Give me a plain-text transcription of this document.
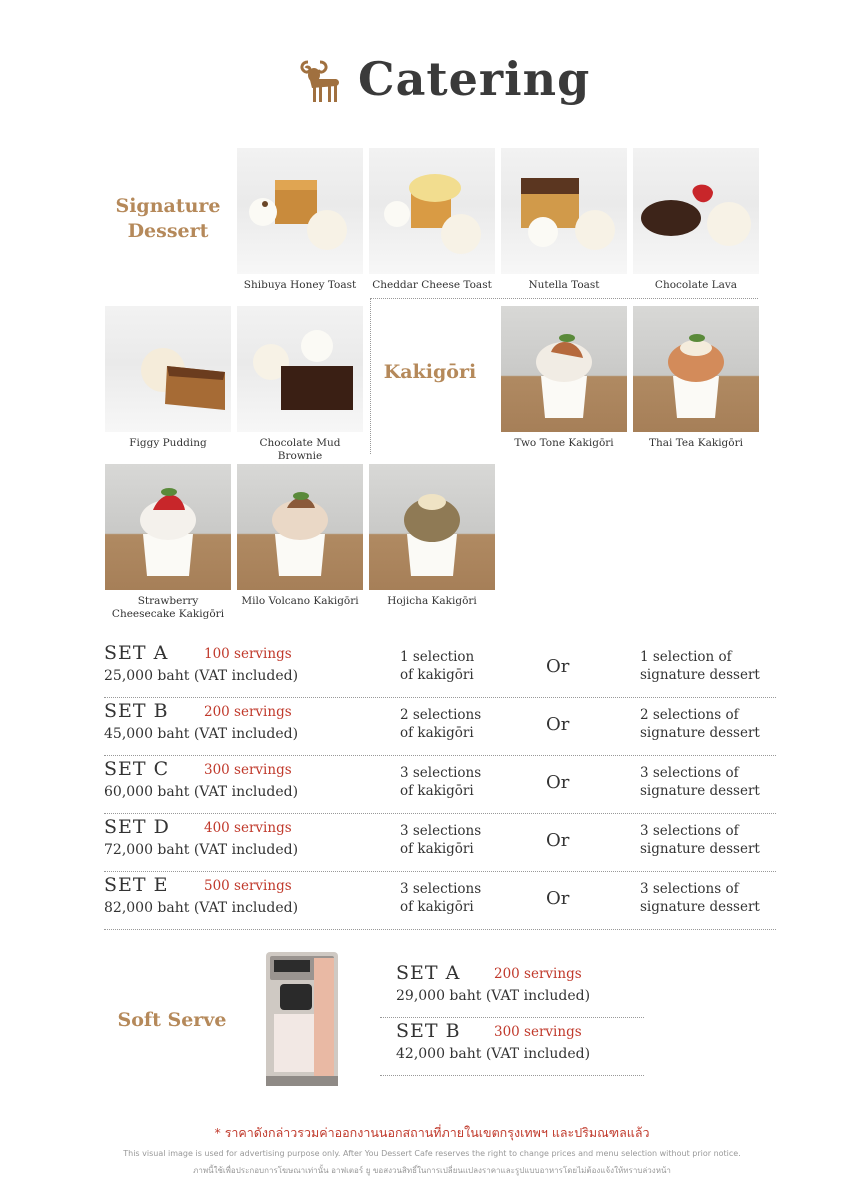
Catering
Signature
Dessert
Kakigōri
Soft Serve
Shibuya Honey Toast	Cheddar Cheese Toast	Nutella Toast	Chocolate Lava
Figgy Pudding	Chocolate Mud Brownie
Two Tone Kakigōri	Thai Tea Kakigōri
Strawberry Cheesecake Kakigōri
Milo Volcano Kakigōri	Hojicha Kakigōri
SET A	100 servings
25,000 baht (VAT included)
1 selection
of kakigōri	Or	1 selection of
signature dessert
SET B	200 servings
45,000 baht (VAT included)
2 selections
of kakigōri	Or	2 selections of
signature dessert
SET C	300 servings
60,000 baht (VAT included)
3 selections
of kakigōri	Or	3 selections of
signature dessert
SET D	400 servings
72,000 baht (VAT included)
3 selections
of kakigōri	Or	3 selections of
signature dessert
SET E	500 servings
82,000 baht (VAT included)
3 selections
of kakigōri	Or	3 selections of
signature dessert
SET A 200 servings
29,000 baht (VAT included)
SET B 300 servings
42,000 baht (VAT included)
* ราคาดังกล่าวรวมค่าออกงานนอกสถานที่ภายในเขตกรุงเทพฯ และปริมณฑลแล้ว
This visual image is used for advertising purpose only. After You Dessert Cafe reserves the right to change prices and menu selection without prior notice.
ภาพนี้ใช้เพื่อประกอบการโฆษณาเท่านั้น อาฟเตอร์ ยู ขอสงวนสิทธิ์ในการเปลี่ยนแปลงราคาและรูปแบบอาหารโดยไม่ต้องแจ้งให้ทราบล่วงหน้า
